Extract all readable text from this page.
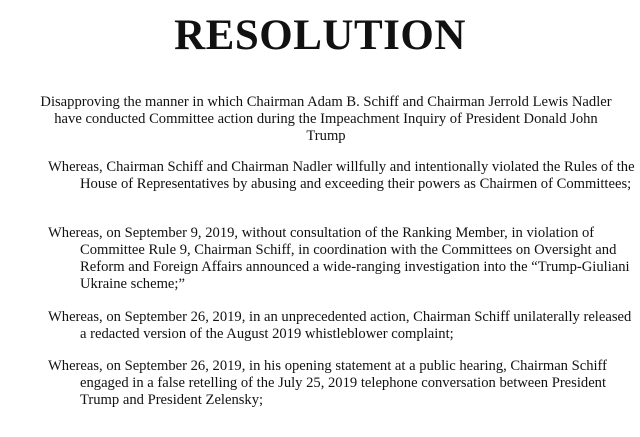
RESOLUTION

Disapproving the manner in which Chairman Adam B. Schiff and Chairman Jerrold Lewis Nadler have conducted Committee action during the Impeachment Inquiry of President Donald John Trump

Whereas, Chairman Schiff and Chairman Nadler willfully and intentionally violated the Rules of the House of Representatives by abusing and exceeding their powers as Chairmen of Committees;

Whereas, on September 9, 2019, without consultation of the Ranking Member, in violation of Committee Rule 9, Chairman Schiff, in coordination with the Committees on Oversight and Reform and Foreign Affairs announced a wide-ranging investigation into the “Trump-Giuliani Ukraine scheme;”

Whereas, on September 26, 2019, in an unprecedented action, Chairman Schiff unilaterally released a redacted version of the August 2019 whistleblower complaint;

Whereas, on September 26, 2019, in his opening statement at a public hearing, Chairman Schiff engaged in a false retelling of the July 25, 2019 telephone conversation between President Trump and President Zelensky;
